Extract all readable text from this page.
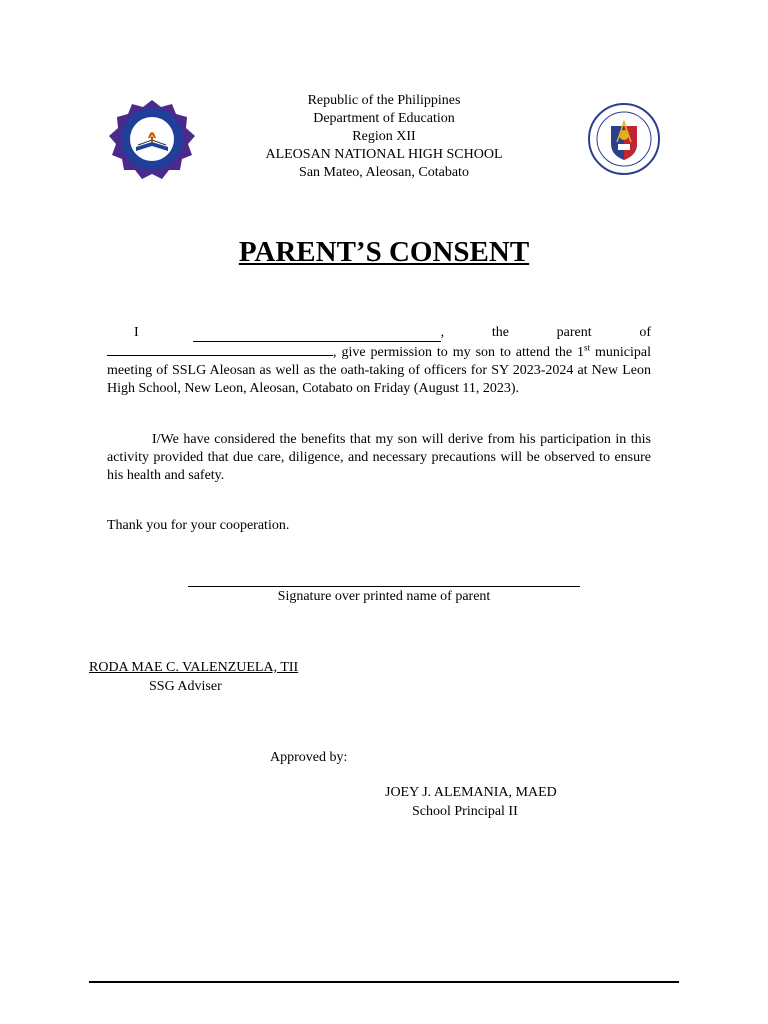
Republic of the Philippines
Department of Education
Region XII
ALEOSAN NATIONAL HIGH SCHOOL
San Mateo, Aleosan, Cotabato
PARENT’S CONSENT
I	, the parent of
, give permission to my son to attend the 1st municipal meeting of SSLG Aleosan as well as the oath-taking of officers for SY 2023-2024 at New Leon High School, New Leon, Aleosan, Cotabato on Friday (August 11, 2023).
I/We have considered the benefits that my son will derive from his participation in this activity provided that due care, diligence, and necessary precautions will be observed to ensure his health and safety.
Thank you for your cooperation.
Signature over printed name of parent
RODA MAE C. VALENZUELA, TII
SSG Adviser
Approved by:
JOEY J. ALEMANIA, MAED
School Principal II
